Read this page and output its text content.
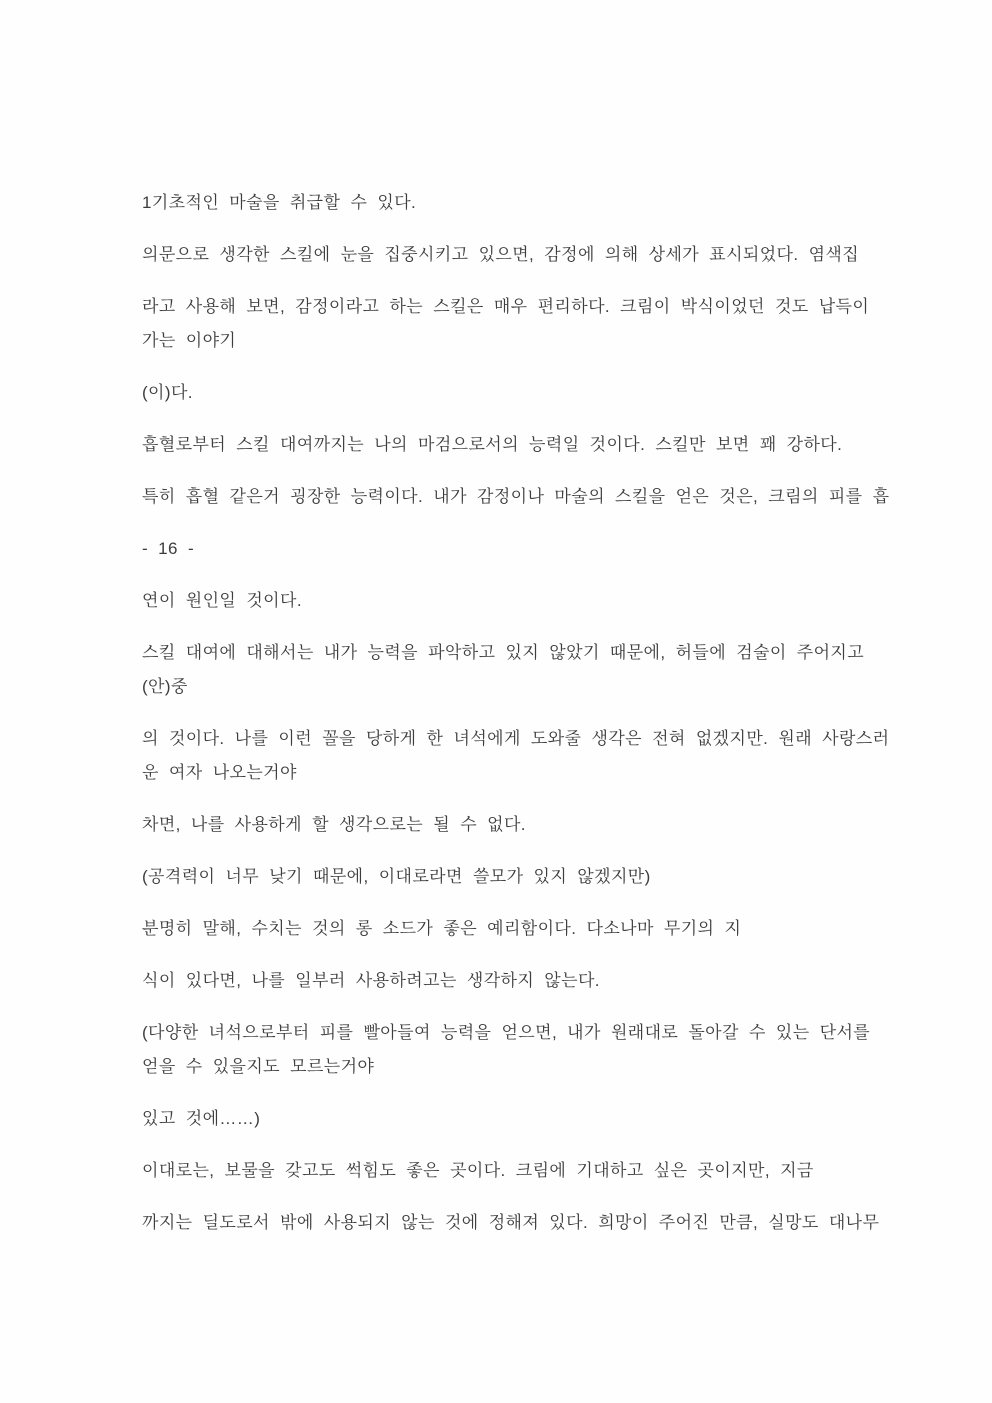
1기초적인 마술을 취급할 수 있다.
의문으로 생각한 스킬에 눈을 집중시키고 있으면, 감정에 의해 상세가 표시되었다. 염색집
라고 사용해 보면, 감정이라고 하는 스킬은 매우 편리하다. 크림이 박식이었던 것도 납득이
가는 이야기
(이)다.
흡혈로부터 스킬 대여까지는 나의 마검으로서의 능력일 것이다. 스킬만 보면 꽤 강하다.
특히 흡혈 같은거 굉장한 능력이다. 내가 감정이나 마술의 스킬을 얻은 것은, 크림의 피를 흡
- 16 -
연이 원인일 것이다.
스킬 대여에 대해서는 내가 능력을 파악하고 있지 않았기 때문에, 허들에 검술이 주어지고
(안)중
의 것이다. 나를 이런 꼴을 당하게 한 녀석에게 도와줄 생각은 전혀 없겠지만. 원래 사랑스러
운 여자 나오는거야
차면, 나를 사용하게 할 생각으로는 될 수 없다.
(공격력이 너무 낮기 때문에, 이대로라면 쓸모가 있지 않겠지만)
분명히 말해, 수치는 것의 롱 소드가 좋은 예리함이다. 다소나마 무기의 지
식이 있다면, 나를 일부러 사용하려고는 생각하지 않는다.
(다양한 녀석으로부터 피를 빨아들여 능력을 얻으면, 내가 원래대로 돌아갈 수 있는 단서를
얻을 수 있을지도 모르는거야
있고 것에……)
이대로는, 보물을 갖고도 썩힘도 좋은 곳이다. 크림에 기대하고 싶은 곳이지만, 지금
까지는 딜도로서 밖에 사용되지 않는 것에 정해져 있다. 희망이 주어진 만큼, 실망도 대나무
